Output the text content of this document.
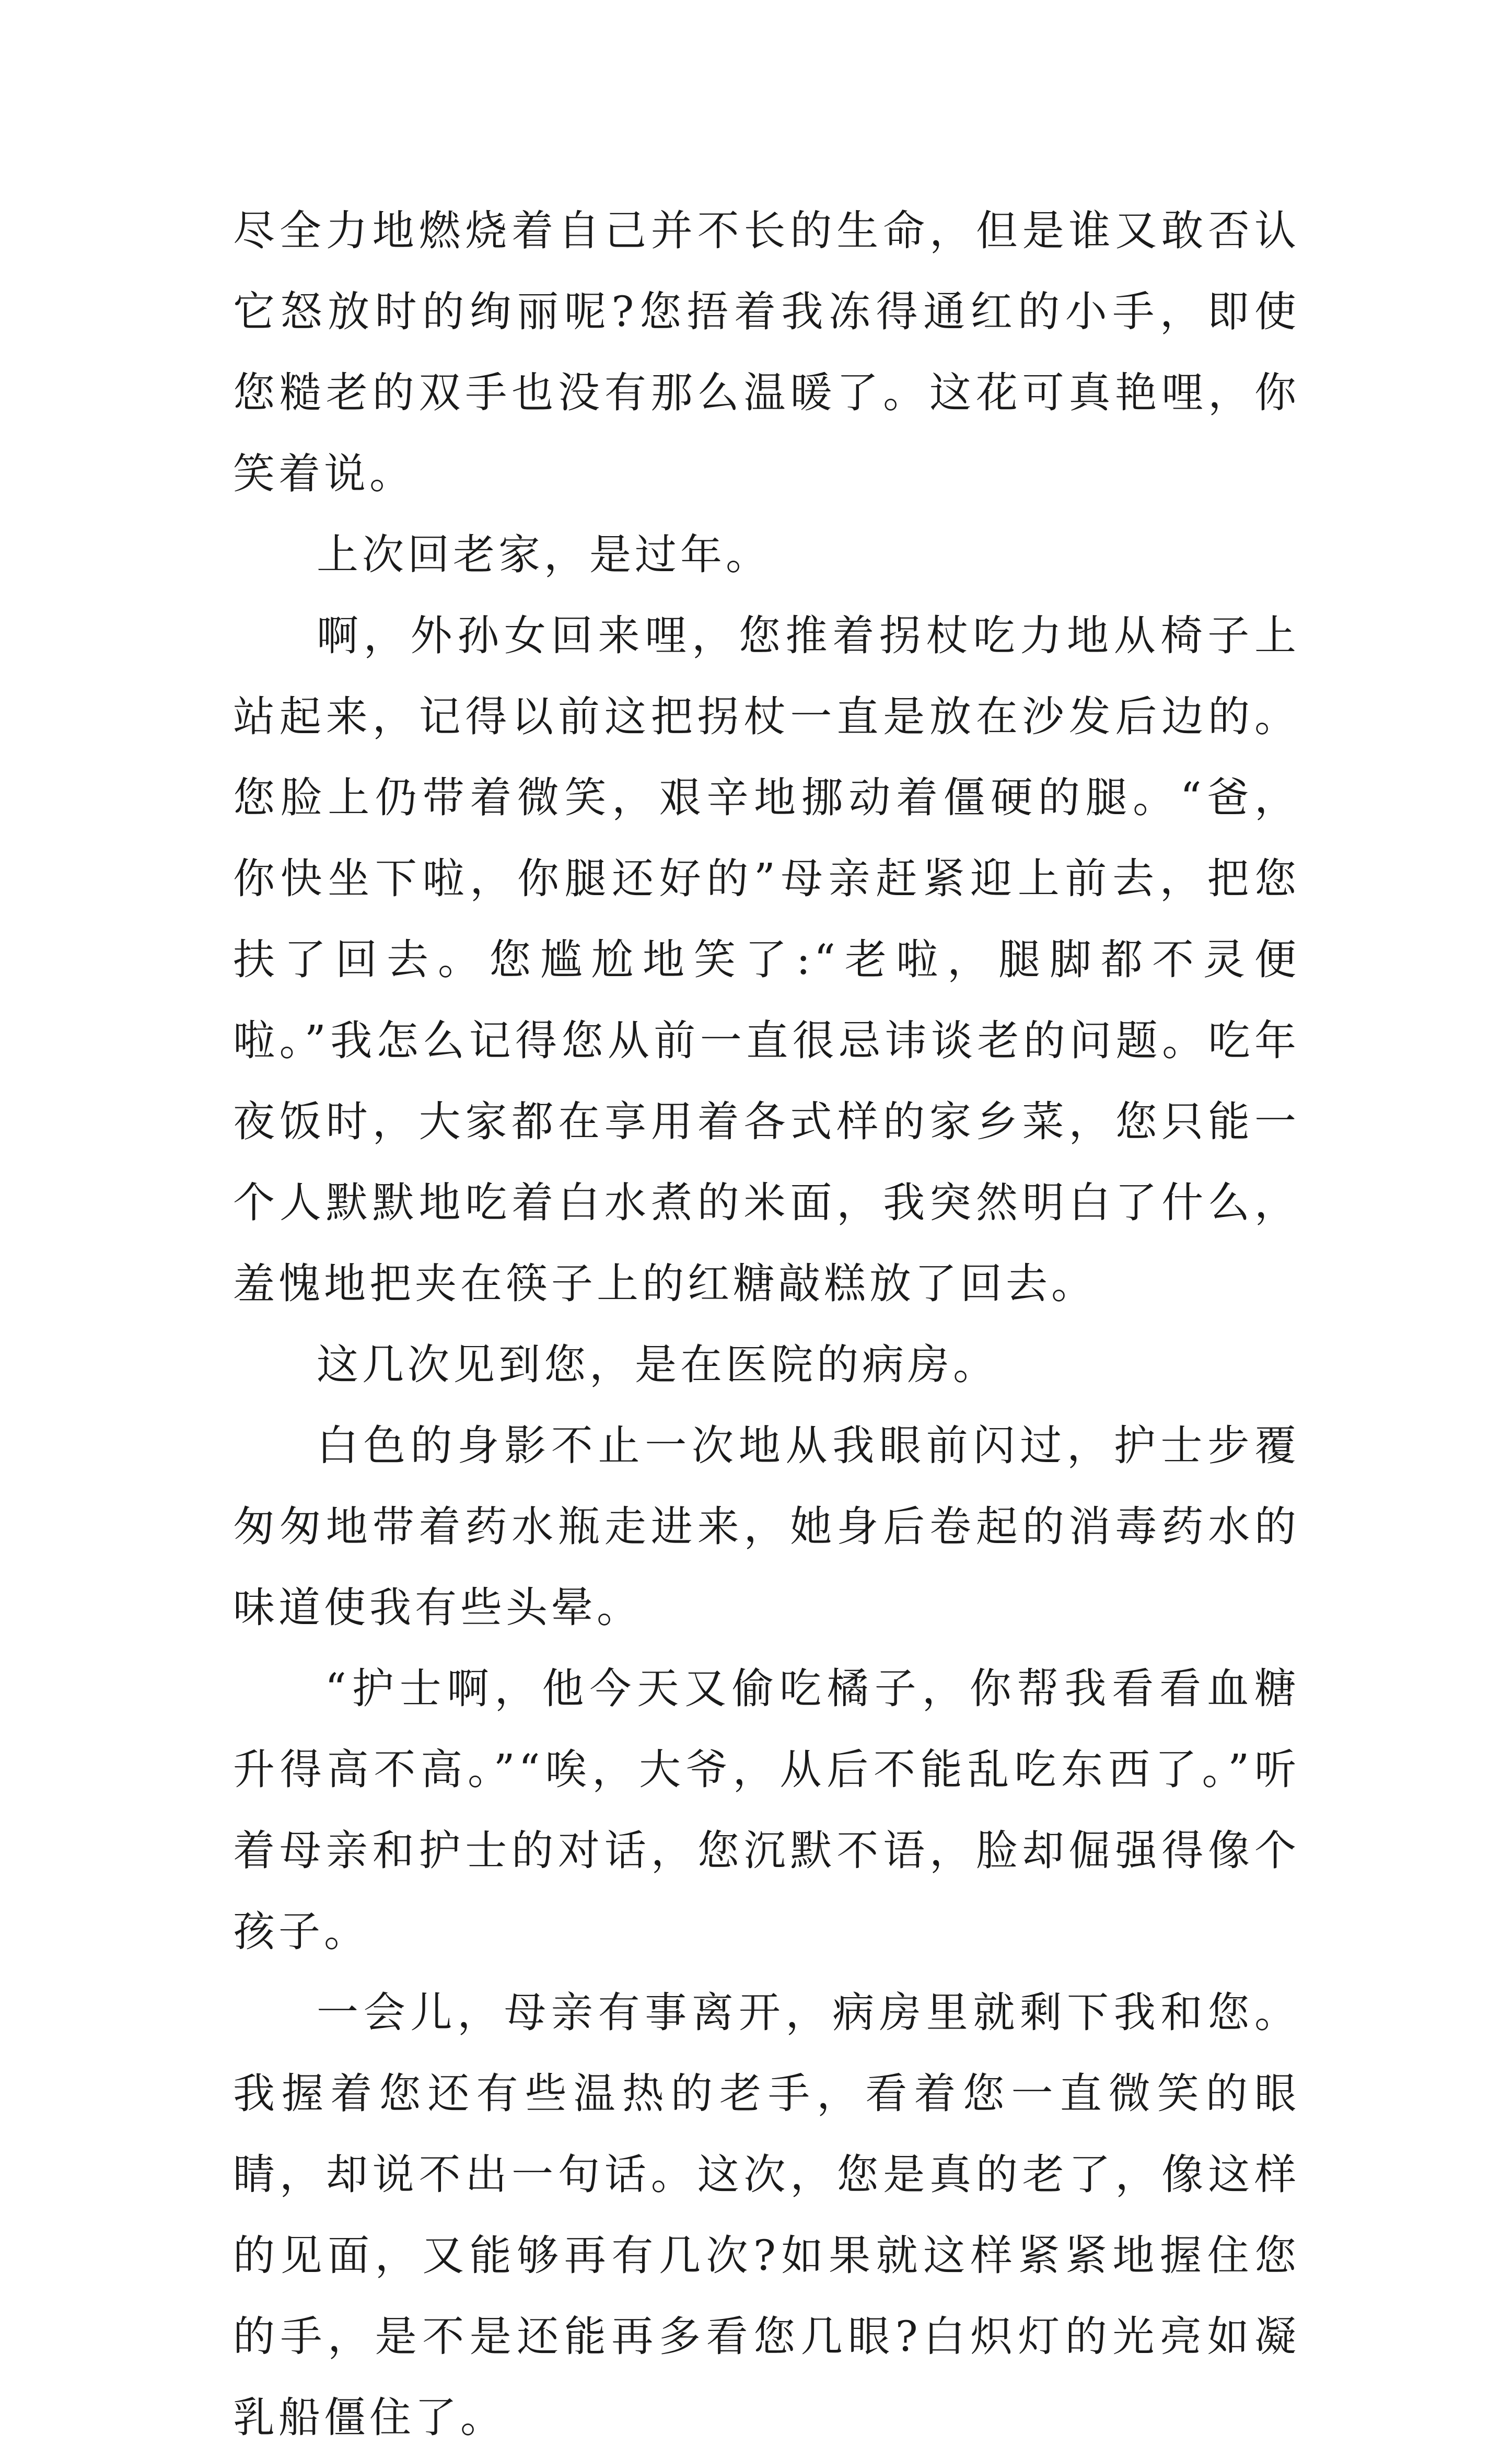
尽全力地燃烧着自己并不长的生命，但是谁又敢否认它怒放时的绚丽呢?您捂着我冻得通红的小手，即使您糙老的双手也没有那么温暖了。这花可真艳哩，你笑着说。

上次回老家，是过年。

啊，外孙女回来哩，您推着拐杖吃力地从椅子上站起来，记得以前这把拐杖一直是放在沙发后边的。您脸上仍带着微笑，艰辛地挪动着僵硬的腿。“爸，你快坐下啦，你腿还好的”母亲赶紧迎上前去，把您扶了回去。您尴尬地笑了:“老啦，腿脚都不灵便啦。”我怎么记得您从前一直很忌讳谈老的问题。吃年夜饭时，大家都在享用着各式样的家乡菜，您只能一个人默默地吃着白水煮的米面，我突然明白了什么，羞愧地把夹在筷子上的红糖敲糕放了回去。

这几次见到您，是在医院的病房。

白色的身影不止一次地从我眼前闪过，护士步覆匆匆地带着药水瓶走进来，她身后卷起的消毒药水的味道使我有些头晕。

“护士啊，他今天又偷吃橘子，你帮我看看血糖升得高不高。”“唉，大爷，从后不能乱吃东西了。”听着母亲和护士的对话，您沉默不语，脸却倔强得像个孩子。

一会儿，母亲有事离开，病房里就剩下我和您。我握着您还有些温热的老手，看着您一直微笑的眼睛，却说不出一句话。这次，您是真的老了，像这样的见面，又能够再有几次?如果就这样紧紧地握住您的手，是不是还能再多看您几眼?白炽灯的光亮如凝乳船僵住了。
